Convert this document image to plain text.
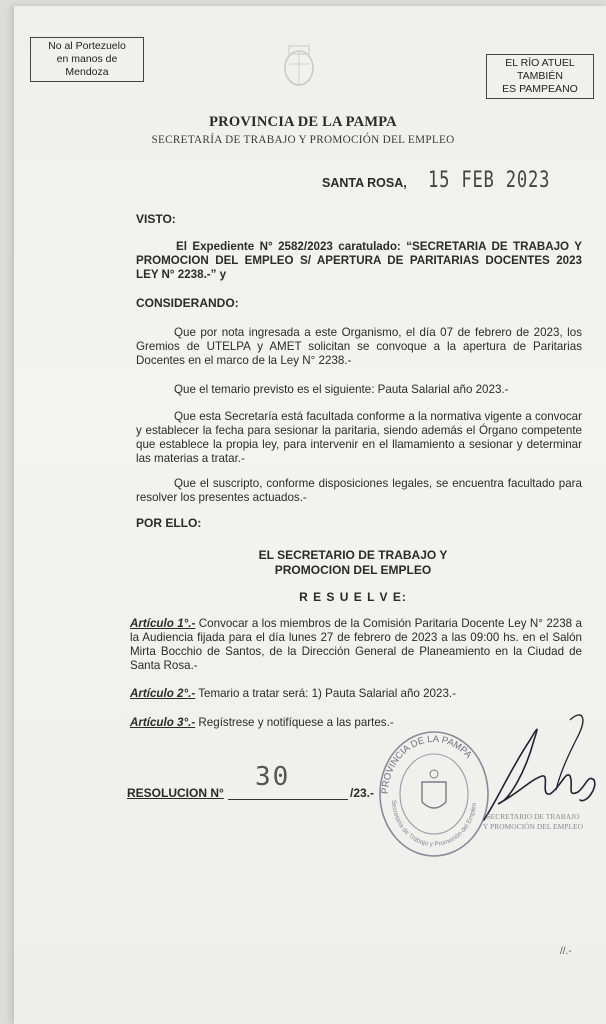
No al Portezuelo
en manos de Mendoza
EL RÍO ATUEL TAMBIÉN
ES PAMPEANO
PROVINCIA DE LA PAMPA
SECRETARÍA DE TRABAJO Y PROMOCIÓN DEL EMPLEO
SANTA ROSA, 15 FEB 2023
VISTO:
El Expediente N° 2582/2023 caratulado: “SECRETARIA DE TRABAJO Y PROMOCION DEL EMPLEO S/ APERTURA DE PARITARIAS DOCENTES 2023 LEY N° 2238.-” y
CONSIDERANDO:
Que por nota ingresada a este Organismo, el día 07 de febrero de 2023, los Gremios de UTELPA y AMET solicitan se convoque a la apertura de Paritarias Docentes en el marco de la Ley N° 2238.-
Que el temario previsto es el siguiente: Pauta Salarial año 2023.-
Que esta Secretaría está facultada conforme a la normativa vigente a convocar y establecer la fecha para sesionar la paritaria, siendo además el Órgano competente que establece la propia ley, para intervenir en el llamamiento a sesionar y determinar las materias a tratar.-
Que el suscripto, conforme disposiciones legales, se encuentra facultado para resolver los presentes actuados.-
POR ELLO:
EL SECRETARIO DE TRABAJO Y
PROMOCION DEL EMPLEO
R E S U E L V E:
Artículo 1°.- Convocar a los miembros de la Comisión Paritaria Docente Ley N° 2238 a la Audiencia fijada para el día lunes 27 de febrero de 2023 a las 09:00 hs. en el Salón Mirta Bocchio de Santos, de la Dirección General de Planeamiento en la Ciudad de Santa Rosa.-
Artículo 2°.- Temario a tratar será: 1) Pauta Salarial año 2023.-
Artículo 3°.- Regístrese y notifíquese a las partes.-
RESOLUCION N°
30
/23.- PROVINCIA DE LA PAMPA
Secretaría de Trabajo y Promoción del Empleo
SECRETARIO DE TRABAJO
Y PROMOCIÓN DEL EMPLEO
//.-
